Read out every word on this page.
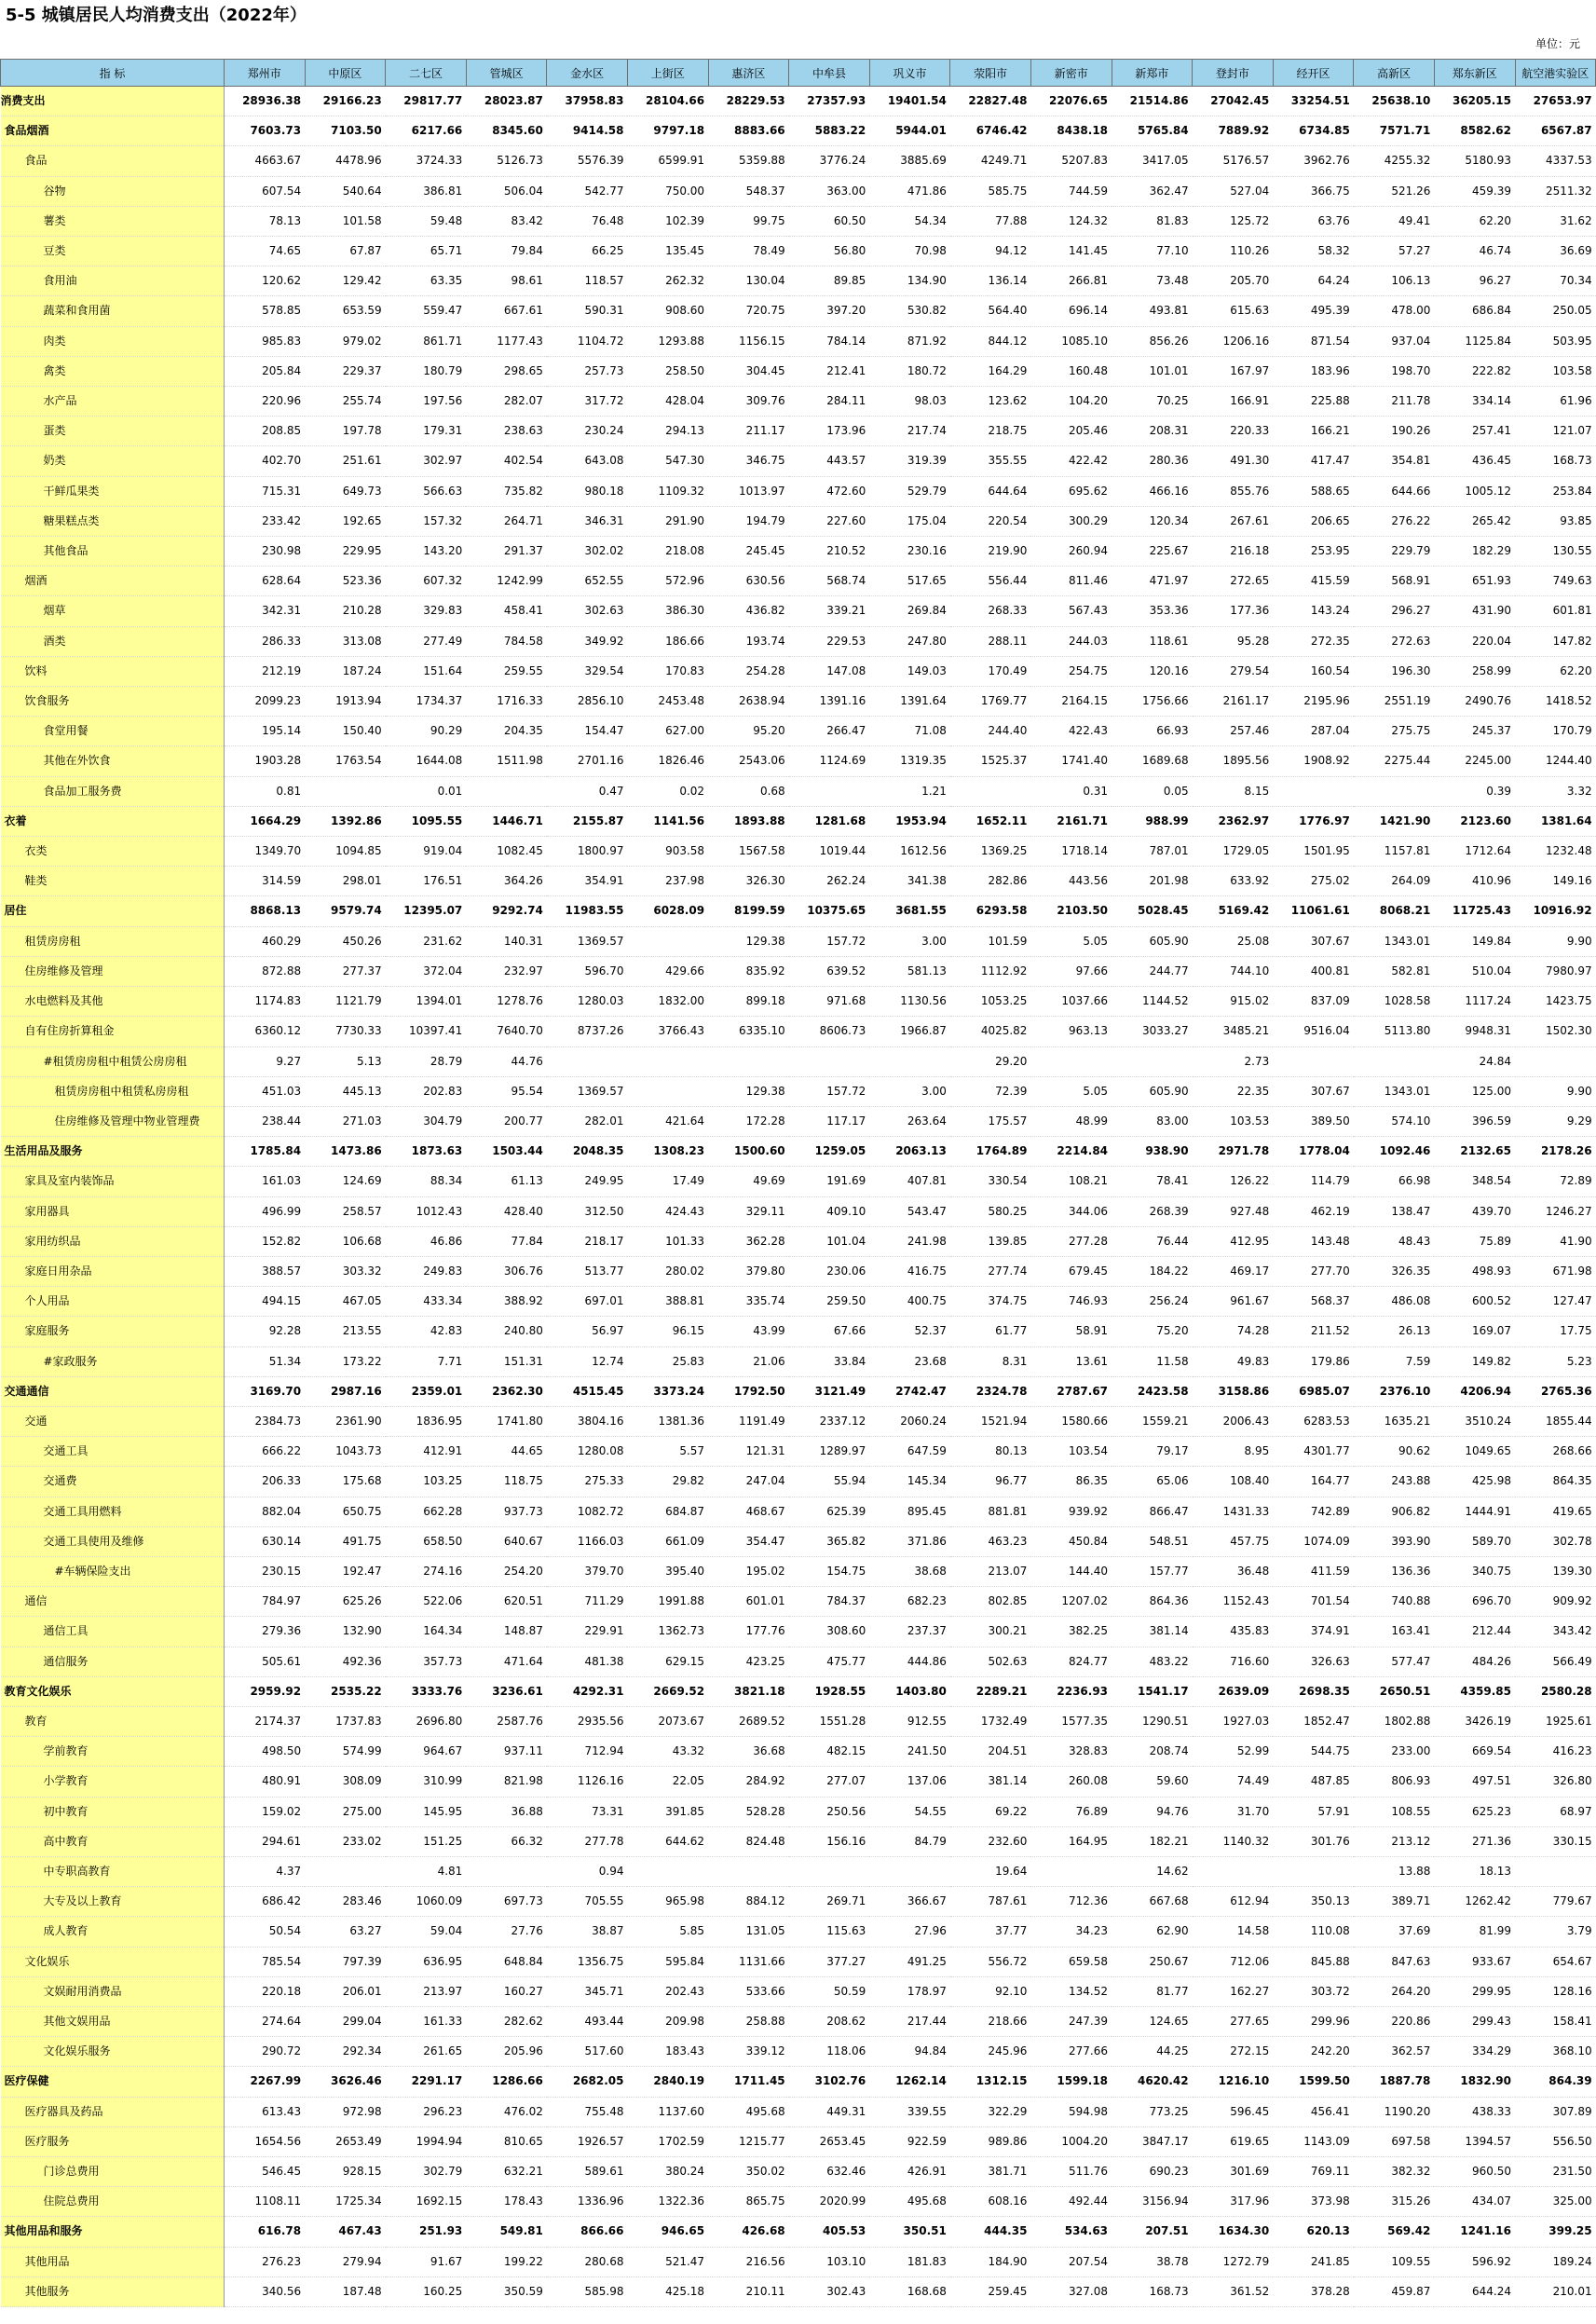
5-5 城镇居民人均消费支出（2022年）
单位：元
指 标	郑州市	中原区	二七区	管城区	金水区	上街区	惠济区	中牟县	巩义市	荥阳市	新密市	新郑市	登封市	经开区	高新区	郑东新区	航空港实验区
消费支出	28936.38	29166.23	29817.77	28023.87	37958.83	28104.66	28229.53	27357.93	19401.54	22827.48	22076.65	21514.86	27042.45	33254.51	25638.10	36205.15	27653.97
食品烟酒	7603.73	7103.50	6217.66	8345.60	9414.58	9797.18	8883.66	5883.22	5944.01	6746.42	8438.18	5765.84	7889.92	6734.85	7571.71	8582.62	6567.87
食品	4663.67	4478.96	3724.33	5126.73	5576.39	6599.91	5359.88	3776.24	3885.69	4249.71	5207.83	3417.05	5176.57	3962.76	4255.32	5180.93	4337.53
谷物	607.54	540.64	386.81	506.04	542.77	750.00	548.37	363.00	471.86	585.75	744.59	362.47	527.04	366.75	521.26	459.39	2511.32
薯类	78.13	101.58	59.48	83.42	76.48	102.39	99.75	60.50	54.34	77.88	124.32	81.83	125.72	63.76	49.41	62.20	31.62
豆类	74.65	67.87	65.71	79.84	66.25	135.45	78.49	56.80	70.98	94.12	141.45	77.10	110.26	58.32	57.27	46.74	36.69
食用油	120.62	129.42	63.35	98.61	118.57	262.32	130.04	89.85	134.90	136.14	266.81	73.48	205.70	64.24	106.13	96.27	70.34
蔬菜和食用菌	578.85	653.59	559.47	667.61	590.31	908.60	720.75	397.20	530.82	564.40	696.14	493.81	615.63	495.39	478.00	686.84	250.05
肉类	985.83	979.02	861.71	1177.43	1104.72	1293.88	1156.15	784.14	871.92	844.12	1085.10	856.26	1206.16	871.54	937.04	1125.84	503.95
禽类	205.84	229.37	180.79	298.65	257.73	258.50	304.45	212.41	180.72	164.29	160.48	101.01	167.97	183.96	198.70	222.82	103.58
水产品	220.96	255.74	197.56	282.07	317.72	428.04	309.76	284.11	98.03	123.62	104.20	70.25	166.91	225.88	211.78	334.14	61.96
蛋类	208.85	197.78	179.31	238.63	230.24	294.13	211.17	173.96	217.74	218.75	205.46	208.31	220.33	166.21	190.26	257.41	121.07
奶类	402.70	251.61	302.97	402.54	643.08	547.30	346.75	443.57	319.39	355.55	422.42	280.36	491.30	417.47	354.81	436.45	168.73
干鲜瓜果类	715.31	649.73	566.63	735.82	980.18	1109.32	1013.97	472.60	529.79	644.64	695.62	466.16	855.76	588.65	644.66	1005.12	253.84
糖果糕点类	233.42	192.65	157.32	264.71	346.31	291.90	194.79	227.60	175.04	220.54	300.29	120.34	267.61	206.65	276.22	265.42	93.85
其他食品	230.98	229.95	143.20	291.37	302.02	218.08	245.45	210.52	230.16	219.90	260.94	225.67	216.18	253.95	229.79	182.29	130.55
烟酒	628.64	523.36	607.32	1242.99	652.55	572.96	630.56	568.74	517.65	556.44	811.46	471.97	272.65	415.59	568.91	651.93	749.63
烟草	342.31	210.28	329.83	458.41	302.63	386.30	436.82	339.21	269.84	268.33	567.43	353.36	177.36	143.24	296.27	431.90	601.81
酒类	286.33	313.08	277.49	784.58	349.92	186.66	193.74	229.53	247.80	288.11	244.03	118.61	95.28	272.35	272.63	220.04	147.82
饮料	212.19	187.24	151.64	259.55	329.54	170.83	254.28	147.08	149.03	170.49	254.75	120.16	279.54	160.54	196.30	258.99	62.20
饮食服务	2099.23	1913.94	1734.37	1716.33	2856.10	2453.48	2638.94	1391.16	1391.64	1769.77	2164.15	1756.66	2161.17	2195.96	2551.19	2490.76	1418.52
食堂用餐	195.14	150.40	90.29	204.35	154.47	627.00	95.20	266.47	71.08	244.40	422.43	66.93	257.46	287.04	275.75	245.37	170.79
其他在外饮食	1903.28	1763.54	1644.08	1511.98	2701.16	1826.46	2543.06	1124.69	1319.35	1525.37	1741.40	1689.68	1895.56	1908.92	2275.44	2245.00	1244.40
食品加工服务费	0.81		0.01		0.47	0.02	0.68		1.21		0.31	0.05	8.15			0.39	3.32
衣着	1664.29	1392.86	1095.55	1446.71	2155.87	1141.56	1893.88	1281.68	1953.94	1652.11	2161.71	988.99	2362.97	1776.97	1421.90	2123.60	1381.64
衣类	1349.70	1094.85	919.04	1082.45	1800.97	903.58	1567.58	1019.44	1612.56	1369.25	1718.14	787.01	1729.05	1501.95	1157.81	1712.64	1232.48
鞋类	314.59	298.01	176.51	364.26	354.91	237.98	326.30	262.24	341.38	282.86	443.56	201.98	633.92	275.02	264.09	410.96	149.16
居住	8868.13	9579.74	12395.07	9292.74	11983.55	6028.09	8199.59	10375.65	3681.55	6293.58	2103.50	5028.45	5169.42	11061.61	8068.21	11725.43	10916.92
租赁房房租	460.29	450.26	231.62	140.31	1369.57		129.38	157.72	3.00	101.59	5.05	605.90	25.08	307.67	1343.01	149.84	9.90
住房维修及管理	872.88	277.37	372.04	232.97	596.70	429.66	835.92	639.52	581.13	1112.92	97.66	244.77	744.10	400.81	582.81	510.04	7980.97
水电燃料及其他	1174.83	1121.79	1394.01	1278.76	1280.03	1832.00	899.18	971.68	1130.56	1053.25	1037.66	1144.52	915.02	837.09	1028.58	1117.24	1423.75
自有住房折算租金	6360.12	7730.33	10397.41	7640.70	8737.26	3766.43	6335.10	8606.73	1966.87	4025.82	963.13	3033.27	3485.21	9516.04	5113.80	9948.31	1502.30
#租赁房房租中租赁公房房租	9.27	5.13	28.79	44.76						29.20			2.73			24.84	
租赁房房租中租赁私房房租	451.03	445.13	202.83	95.54	1369.57		129.38	157.72	3.00	72.39	5.05	605.90	22.35	307.67	1343.01	125.00	9.90
住房维修及管理中物业管理费	238.44	271.03	304.79	200.77	282.01	421.64	172.28	117.17	263.64	175.57	48.99	83.00	103.53	389.50	574.10	396.59	9.29
生活用品及服务	1785.84	1473.86	1873.63	1503.44	2048.35	1308.23	1500.60	1259.05	2063.13	1764.89	2214.84	938.90	2971.78	1778.04	1092.46	2132.65	2178.26
家具及室内装饰品	161.03	124.69	88.34	61.13	249.95	17.49	49.69	191.69	407.81	330.54	108.21	78.41	126.22	114.79	66.98	348.54	72.89
家用器具	496.99	258.57	1012.43	428.40	312.50	424.43	329.11	409.10	543.47	580.25	344.06	268.39	927.48	462.19	138.47	439.70	1246.27
家用纺织品	152.82	106.68	46.86	77.84	218.17	101.33	362.28	101.04	241.98	139.85	277.28	76.44	412.95	143.48	48.43	75.89	41.90
家庭日用杂品	388.57	303.32	249.83	306.76	513.77	280.02	379.80	230.06	416.75	277.74	679.45	184.22	469.17	277.70	326.35	498.93	671.98
个人用品	494.15	467.05	433.34	388.92	697.01	388.81	335.74	259.50	400.75	374.75	746.93	256.24	961.67	568.37	486.08	600.52	127.47
家庭服务	92.28	213.55	42.83	240.80	56.97	96.15	43.99	67.66	52.37	61.77	58.91	75.20	74.28	211.52	26.13	169.07	17.75
#家政服务	51.34	173.22	7.71	151.31	12.74	25.83	21.06	33.84	23.68	8.31	13.61	11.58	49.83	179.86	7.59	149.82	5.23
交通通信	3169.70	2987.16	2359.01	2362.30	4515.45	3373.24	1792.50	3121.49	2742.47	2324.78	2787.67	2423.58	3158.86	6985.07	2376.10	4206.94	2765.36
交通	2384.73	2361.90	1836.95	1741.80	3804.16	1381.36	1191.49	2337.12	2060.24	1521.94	1580.66	1559.21	2006.43	6283.53	1635.21	3510.24	1855.44
交通工具	666.22	1043.73	412.91	44.65	1280.08	5.57	121.31	1289.97	647.59	80.13	103.54	79.17	8.95	4301.77	90.62	1049.65	268.66
交通费	206.33	175.68	103.25	118.75	275.33	29.82	247.04	55.94	145.34	96.77	86.35	65.06	108.40	164.77	243.88	425.98	864.35
交通工具用燃料	882.04	650.75	662.28	937.73	1082.72	684.87	468.67	625.39	895.45	881.81	939.92	866.47	1431.33	742.89	906.82	1444.91	419.65
交通工具使用及维修	630.14	491.75	658.50	640.67	1166.03	661.09	354.47	365.82	371.86	463.23	450.84	548.51	457.75	1074.09	393.90	589.70	302.78
#车辆保险支出	230.15	192.47	274.16	254.20	379.70	395.40	195.02	154.75	38.68	213.07	144.40	157.77	36.48	411.59	136.36	340.75	139.30
通信	784.97	625.26	522.06	620.51	711.29	1991.88	601.01	784.37	682.23	802.85	1207.02	864.36	1152.43	701.54	740.88	696.70	909.92
通信工具	279.36	132.90	164.34	148.87	229.91	1362.73	177.76	308.60	237.37	300.21	382.25	381.14	435.83	374.91	163.41	212.44	343.42
通信服务	505.61	492.36	357.73	471.64	481.38	629.15	423.25	475.77	444.86	502.63	824.77	483.22	716.60	326.63	577.47	484.26	566.49
教育文化娱乐	2959.92	2535.22	3333.76	3236.61	4292.31	2669.52	3821.18	1928.55	1403.80	2289.21	2236.93	1541.17	2639.09	2698.35	2650.51	4359.85	2580.28
教育	2174.37	1737.83	2696.80	2587.76	2935.56	2073.67	2689.52	1551.28	912.55	1732.49	1577.35	1290.51	1927.03	1852.47	1802.88	3426.19	1925.61
学前教育	498.50	574.99	964.67	937.11	712.94	43.32	36.68	482.15	241.50	204.51	328.83	208.74	52.99	544.75	233.00	669.54	416.23
小学教育	480.91	308.09	310.99	821.98	1126.16	22.05	284.92	277.07	137.06	381.14	260.08	59.60	74.49	487.85	806.93	497.51	326.80
初中教育	159.02	275.00	145.95	36.88	73.31	391.85	528.28	250.56	54.55	69.22	76.89	94.76	31.70	57.91	108.55	625.23	68.97
高中教育	294.61	233.02	151.25	66.32	277.78	644.62	824.48	156.16	84.79	232.60	164.95	182.21	1140.32	301.76	213.12	271.36	330.15
中专职高教育	4.37		4.81		0.94					19.64		14.62			13.88	18.13	
大专及以上教育	686.42	283.46	1060.09	697.73	705.55	965.98	884.12	269.71	366.67	787.61	712.36	667.68	612.94	350.13	389.71	1262.42	779.67
成人教育	50.54	63.27	59.04	27.76	38.87	5.85	131.05	115.63	27.96	37.77	34.23	62.90	14.58	110.08	37.69	81.99	3.79
文化娱乐	785.54	797.39	636.95	648.84	1356.75	595.84	1131.66	377.27	491.25	556.72	659.58	250.67	712.06	845.88	847.63	933.67	654.67
文娱耐用消费品	220.18	206.01	213.97	160.27	345.71	202.43	533.66	50.59	178.97	92.10	134.52	81.77	162.27	303.72	264.20	299.95	128.16
其他文娱用品	274.64	299.04	161.33	282.62	493.44	209.98	258.88	208.62	217.44	218.66	247.39	124.65	277.65	299.96	220.86	299.43	158.41
文化娱乐服务	290.72	292.34	261.65	205.96	517.60	183.43	339.12	118.06	94.84	245.96	277.66	44.25	272.15	242.20	362.57	334.29	368.10
医疗保健	2267.99	3626.46	2291.17	1286.66	2682.05	2840.19	1711.45	3102.76	1262.14	1312.15	1599.18	4620.42	1216.10	1599.50	1887.78	1832.90	864.39
医疗器具及药品	613.43	972.98	296.23	476.02	755.48	1137.60	495.68	449.31	339.55	322.29	594.98	773.25	596.45	456.41	1190.20	438.33	307.89
医疗服务	1654.56	2653.49	1994.94	810.65	1926.57	1702.59	1215.77	2653.45	922.59	989.86	1004.20	3847.17	619.65	1143.09	697.58	1394.57	556.50
门诊总费用	546.45	928.15	302.79	632.21	589.61	380.24	350.02	632.46	426.91	381.71	511.76	690.23	301.69	769.11	382.32	960.50	231.50
住院总费用	1108.11	1725.34	1692.15	178.43	1336.96	1322.36	865.75	2020.99	495.68	608.16	492.44	3156.94	317.96	373.98	315.26	434.07	325.00
其他用品和服务	616.78	467.43	251.93	549.81	866.66	946.65	426.68	405.53	350.51	444.35	534.63	207.51	1634.30	620.13	569.42	1241.16	399.25
其他用品	276.23	279.94	91.67	199.22	280.68	521.47	216.56	103.10	181.83	184.90	207.54	38.78	1272.79	241.85	109.55	596.92	189.24
其他服务	340.56	187.48	160.25	350.59	585.98	425.18	210.11	302.43	168.68	259.45	327.08	168.73	361.52	378.28	459.87	644.24	210.01
